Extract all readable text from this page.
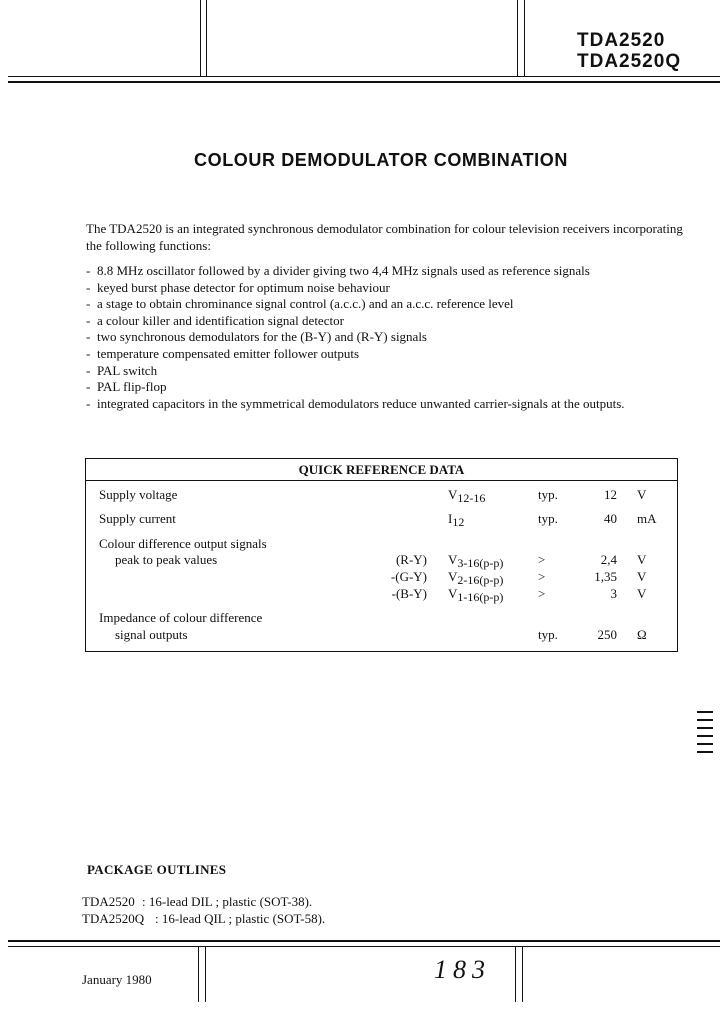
TDA2520
TDA2520Q
COLOUR DEMODULATOR COMBINATION
The TDA2520 is an integrated synchronous demodulator combination for colour television receivers incorporating the following functions:
- 8.8 MHz oscillator followed by a divider giving two 4,4 MHz signals used as reference signals
- keyed burst phase detector for optimum noise behaviour
- a stage to obtain chrominance signal control (a.c.c.) and an a.c.c. reference level
- a colour killer and identification signal detector
- two synchronous demodulators for the (B-Y) and (R-Y) signals
- temperature compensated emitter follower outputs
- PAL switch
- PAL flip-flop
- integrated capacitors in the symmetrical demodulators reduce unwanted carrier-signals at the outputs.
QUICK REFERENCE DATA
Supply voltage	$V_{12-16}$	typ.	12 V
Supply current	$I_{12}$	typ.	40 mA
Colour difference output signals
peak to peak values	(R-Y) $V_{3-16(p-p)}$	>	2,4 V
-(G-Y) $V_{2-16(p-p)}$	>	1,35 V
-(B-Y) $V_{1-16(p-p)}$	>	3 V
Impedance of colour difference
signal outputs	typ.	250 Ω
PACKAGE OUTLINES
TDA2520 : 16-lead DIL ; plastic (SOT-38).
TDA2520Q : 16-lead QIL ; plastic (SOT-58).
January 1980	183
